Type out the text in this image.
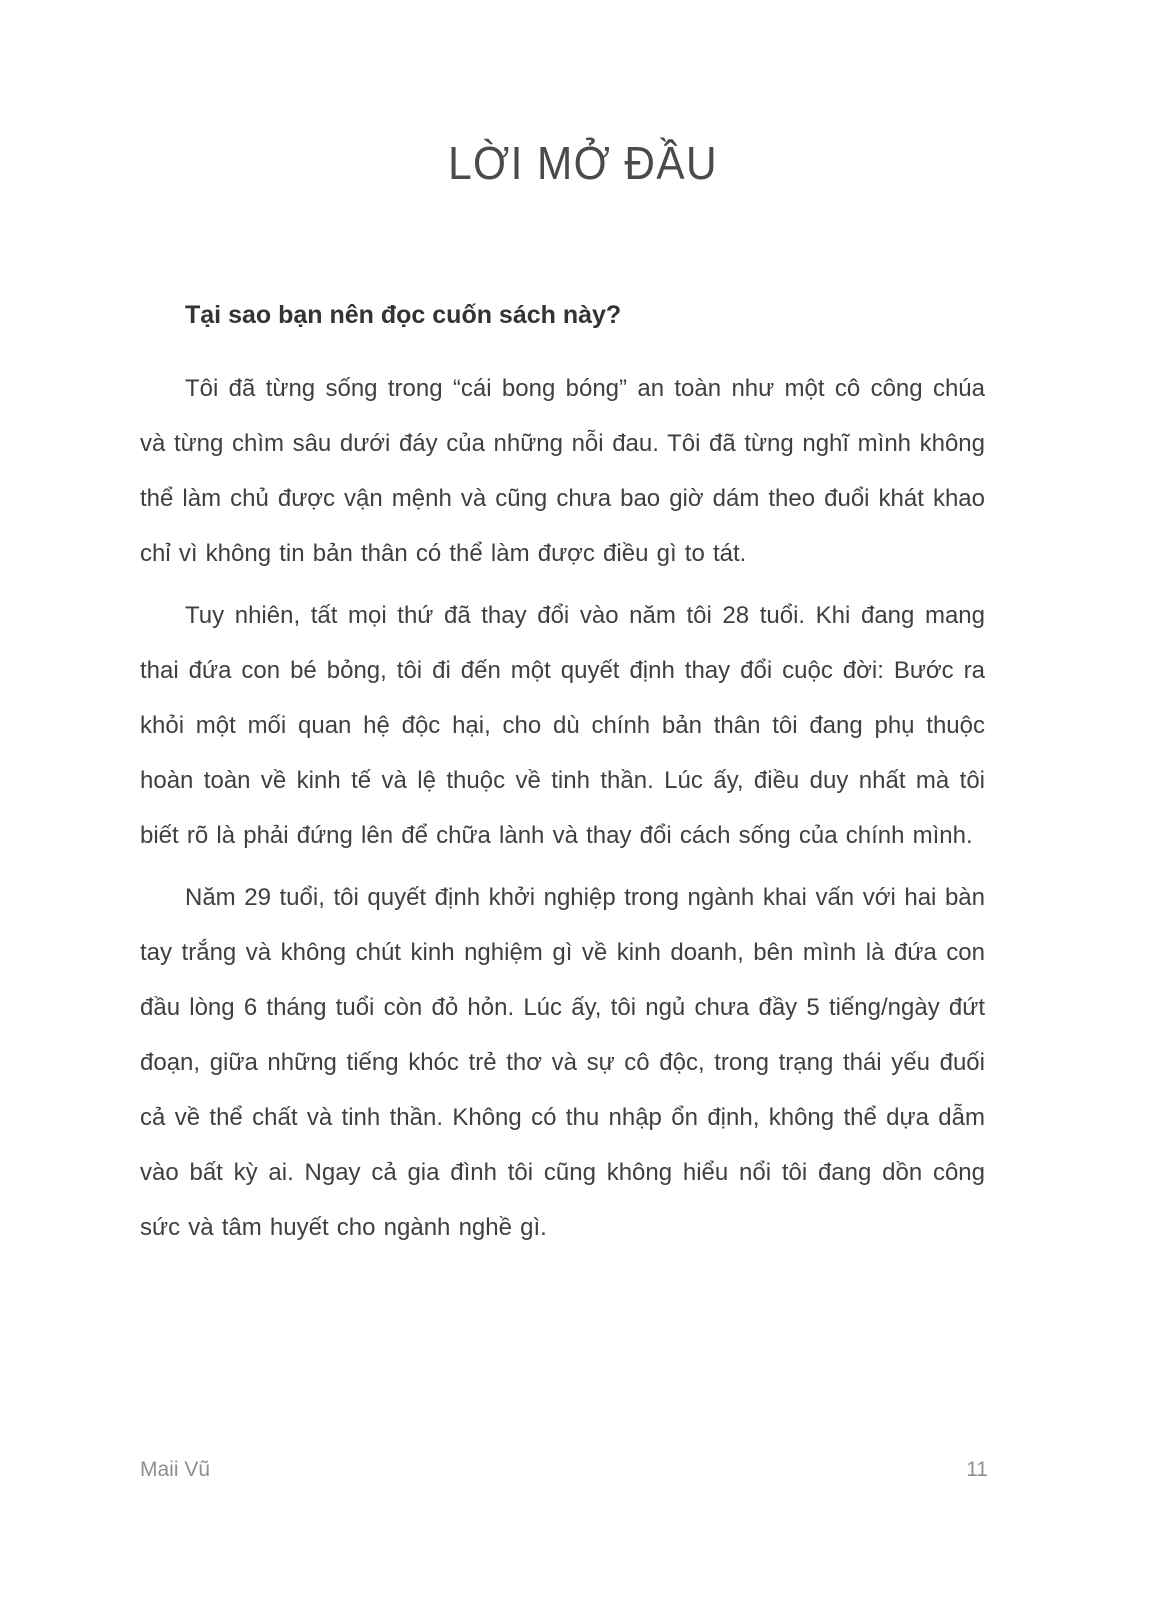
LỜI MỞ ĐẦU
Tại sao bạn nên đọc cuốn sách này?

Tôi đã từng sống trong “cái bong bóng” an toàn như một cô công chúa và từng chìm sâu dưới đáy của những nỗi đau. Tôi đã từng nghĩ mình không thể làm chủ được vận mệnh và cũng chưa bao giờ dám theo đuổi khát khao chỉ vì không tin bản thân có thể làm được điều gì to tát.

Tuy nhiên, tất mọi thứ đã thay đổi vào năm tôi 28 tuổi. Khi đang mang thai đứa con bé bỏng, tôi đi đến một quyết định thay đổi cuộc đời: Bước ra khỏi một mối quan hệ độc hại, cho dù chính bản thân tôi đang phụ thuộc hoàn toàn về kinh tế và lệ thuộc về tinh thần. Lúc ấy, điều duy nhất mà tôi biết rõ là phải đứng lên để chữa lành và thay đổi cách sống của chính mình.

Năm 29 tuổi, tôi quyết định khởi nghiệp trong ngành khai vấn với hai bàn tay trắng và không chút kinh nghiệm gì về kinh doanh, bên mình là đứa con đầu lòng 6 tháng tuổi còn đỏ hỏn. Lúc ấy, tôi ngủ chưa đầy 5 tiếng/ngày đứt đoạn, giữa những tiếng khóc trẻ thơ và sự cô độc, trong trạng thái yếu đuối cả về thể chất và tinh thần. Không có thu nhập ổn định, không thể dựa dẫm vào bất kỳ ai. Ngay cả gia đình tôi cũng không hiểu nổi tôi đang dồn công sức và tâm huyết cho ngành nghề gì.

Maii Vũ	11
